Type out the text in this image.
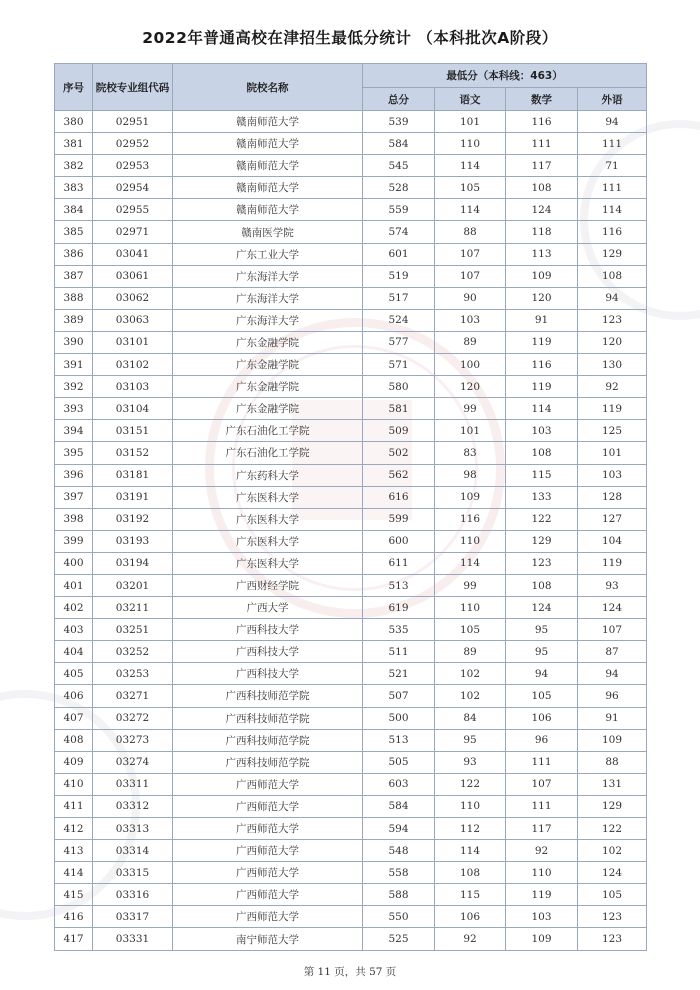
2022年普通高校在津招生最低分统计 （本科批次A阶段）
序号	院校专业组代码	院校名称	最低分（本科线：463）			
			总分	语文	数学	外语
380	02951	赣南师范大学	539	101	116	94
381	02952	赣南师范大学	584	110	111	111
382	02953	赣南师范大学	545	114	117	71
383	02954	赣南师范大学	528	105	108	111
384	02955	赣南师范大学	559	114	124	114
385	02971	赣南医学院	574	88	118	116
386	03041	广东工业大学	601	107	113	129
387	03061	广东海洋大学	519	107	109	108
388	03062	广东海洋大学	517	90	120	94
389	03063	广东海洋大学	524	103	91	123
390	03101	广东金融学院	577	89	119	120
391	03102	广东金融学院	571	100	116	130
392	03103	广东金融学院	580	120	119	92
393	03104	广东金融学院	581	99	114	119
394	03151	广东石油化工学院	509	101	103	125
395	03152	广东石油化工学院	502	83	108	101
396	03181	广东药科大学	562	98	115	103
397	03191	广东医科大学	616	109	133	128
398	03192	广东医科大学	599	116	122	127
399	03193	广东医科大学	600	110	129	104
400	03194	广东医科大学	611	114	123	119
401	03201	广西财经学院	513	99	108	93
402	03211	广西大学	619	110	124	124
403	03251	广西科技大学	535	105	95	107
404	03252	广西科技大学	511	89	95	87
405	03253	广西科技大学	521	102	94	94
406	03271	广西科技师范学院	507	102	105	96
407	03272	广西科技师范学院	500	84	106	91
408	03273	广西科技师范学院	513	95	96	109
409	03274	广西科技师范学院	505	93	111	88
410	03311	广西师范大学	603	122	107	131
411	03312	广西师范大学	584	110	111	129
412	03313	广西师范大学	594	112	117	122
413	03314	广西师范大学	548	114	92	102
414	03315	广西师范大学	558	108	110	124
415	03316	广西师范大学	588	115	119	105
416	03317	广西师范大学	550	106	103	123
417	03331	南宁师范大学	525	92	109	123
第 11 页，共 57 页
